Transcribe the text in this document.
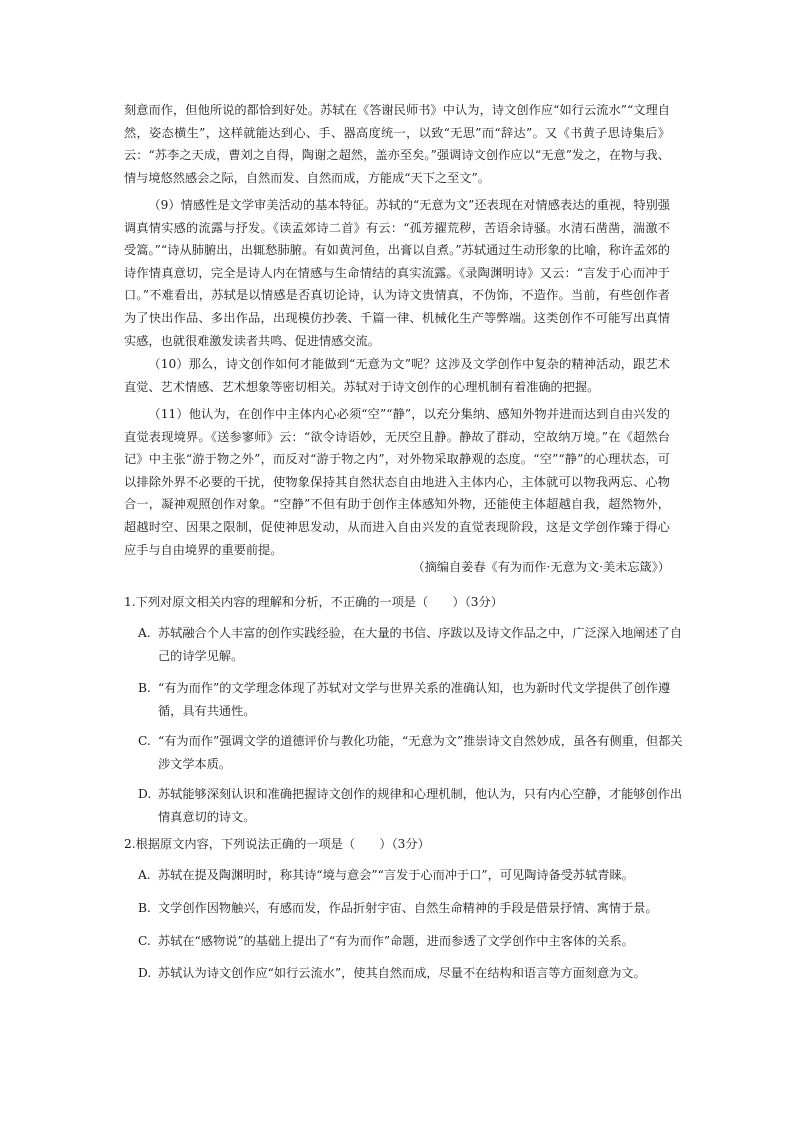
刻意而作，但他所说的都恰到好处。苏轼在《答谢民师书》中认为，诗文创作应“如行云流水”“文理自然，姿态横生”，这样就能达到心、手、器高度统一，以致“无思”而“辞达”。又《书黄子思诗集后》云：“苏李之天成，曹刘之自得，陶谢之超然，盖亦至矣。”强调诗文创作应以“无意”发之，在物与我、情与境悠然感会之际，自然而发、自然而成，方能成“天下之至文”。

（9）情感性是文学审美活动的基本特征。苏轼的“无意为文”还表现在对情感表达的重视，特别强调真情实感的流露与抒发。《读孟郊诗二首》有云：“孤芳擢荒秽，苦语余诗骚。水清石凿凿，湍激不受篙。”“诗从肺腑出，出辄愁肺腑。有如黄河鱼，出膏以自煮。”苏轼通过生动形象的比喻，称许孟郊的诗作情真意切，完全是诗人内在情感与生命情结的真实流露。《录陶渊明诗》又云：“言发于心而冲于口。”不难看出，苏轼是以情感是否真切论诗，认为诗文贵情真，不伪饰，不造作。当前，有些创作者为了快出作品、多出作品，出现模仿抄袭、千篇一律、机械化生产等弊端。这类创作不可能写出真情实感，也就很难激发读者共鸣、促进情感交流。

（10）那么，诗文创作如何才能做到“无意为文”呢？这涉及文学创作中复杂的精神活动，跟艺术直觉、艺术情感、艺术想象等密切相关。苏轼对于诗文创作的心理机制有着准确的把握。

（11）他认为，在创作中主体内心必须“空”“静”，以充分集纳、感知外物并进而达到自由兴发的直觉表现境界。《送参寥师》云：“欲令诗语妙，无厌空且静。静故了群动，空故纳万境。”在《超然台记》中主张“游于物之外”，而反对“游于物之内”，对外物采取静观的态度。“空”“静”的心理状态，可以排除外界不必要的干扰，使物象保持其自然状态自由地进入主体内心，主体就可以物我两忘、心物合一，凝神观照创作对象。“空静”不但有助于创作主体感知外物，还能使主体超越自我，超然物外，超越时空、因果之限制，促使神思发动，从而进入自由兴发的直觉表现阶段，这是文学创作臻于得心应手与自由境界的重要前提。

（摘编自姜春《有为而作·无意为文·美未忘箴》）

1.下列对原文相关内容的理解和分析，不正确的一项是（　　）（3分）

A. 苏轼融合个人丰富的创作实践经验，在大量的书信、序跋以及诗文作品之中，广泛深入地阐述了自己的诗学见解。
B. “有为而作”的文学理念体现了苏轼对文学与世界关系的准确认知，也为新时代文学提供了创作遵循，具有共通性。
C. “有为而作”强调文学的道德评价与教化功能，“无意为文”推崇诗文自然妙成，虽各有侧重，但都关涉文学本质。
D. 苏轼能够深刻认识和准确把握诗文创作的规律和心理机制，他认为，只有内心空静，才能够创作出情真意切的诗文。

2.根据原文内容，下列说法正确的一项是（　　）（3分）

A. 苏轼在提及陶渊明时，称其诗“境与意会”“言发于心而冲于口”，可见陶诗备受苏轼青睐。
B. 文学创作因物触兴，有感而发，作品折射宇宙、自然生命精神的手段是借景抒情、寓情于景。
C. 苏轼在“感物说”的基础上提出了“有为而作”命题，进而参透了文学创作中主客体的关系。
D. 苏轼认为诗文创作应“如行云流水”，使其自然而成，尽量不在结构和语言等方面刻意为文。
